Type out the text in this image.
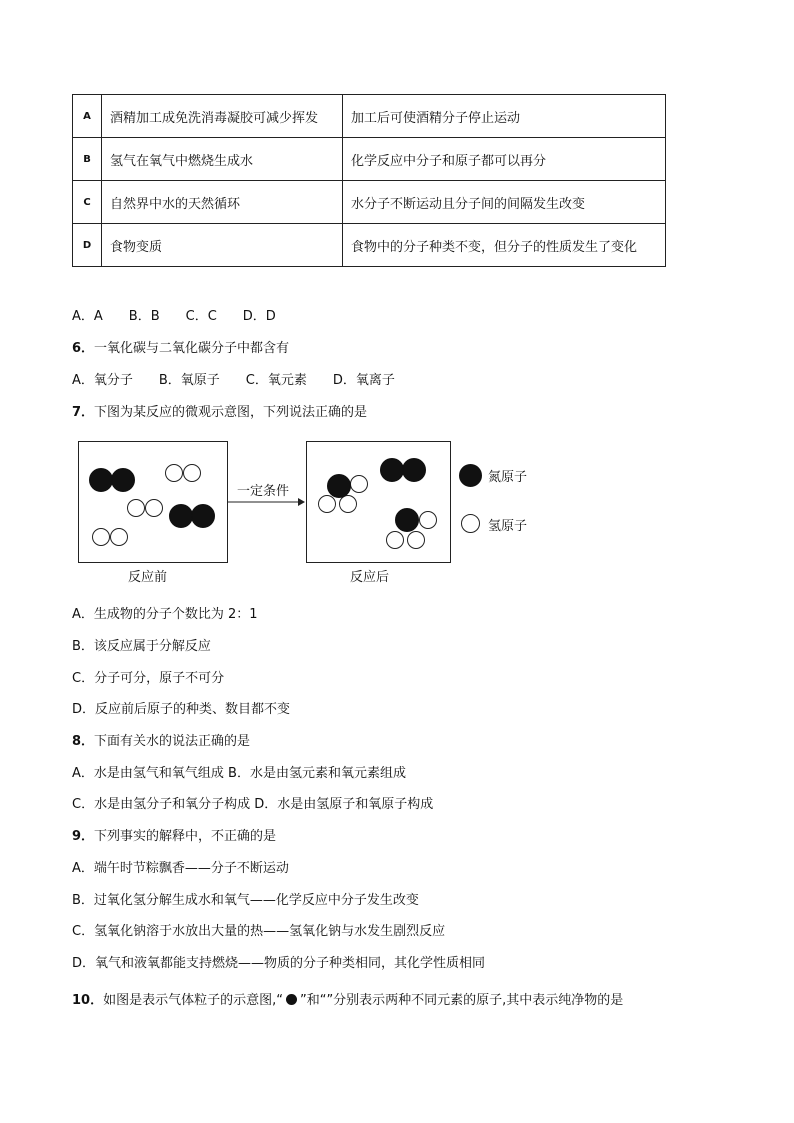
A	酒精加工成免洗消毒凝胶可减少挥发	加工后可使酒精分子停止运动
B	氢气在氧气中燃烧生成水	化学反应中分子和原子都可以再分
C	自然界中水的天然循环	水分子不断运动且分子间的间隔发生改变
D	食物变质	食物中的分子种类不变，但分子的性质发生了变化
A．A　　B．B　　C．C　　D．D
6．一氧化碳与二氧化碳分子中都含有
A．氧分子　　B．氧原子　　C．氧元素　　D．氧离子
7．下图为某反应的微观示意图，下列说法正确的是
一定条件
氮原子
氢原子
反应前	反应后
A．生成物的分子个数比为 2：1
B．该反应属于分解反应
C．分子可分，原子不可分
D．反应前后原子的种类、数目都不变
8．下面有关水的说法正确的是
A．水是由氢气和氧气组成 B．水是由氢元素和氧元素组成
C．水是由氢分子和氧分子构成 D．水是由氢原子和氧原子构成
9．下列事实的解释中，不正确的是
A．端午时节粽飘香——分子不断运动
B．过氧化氢分解生成水和氧气——化学反应中分子发生改变
C．氢氧化钠溶于水放出大量的热——氢氧化钠与水发生剧烈反应
D．氧气和液氧都能支持燃烧——物质的分子种类相同，其化学性质相同
10．如图是表示气体粒子的示意图,“ ”和“”分别表示两种不同元素的原子,其中表示纯净物的是
